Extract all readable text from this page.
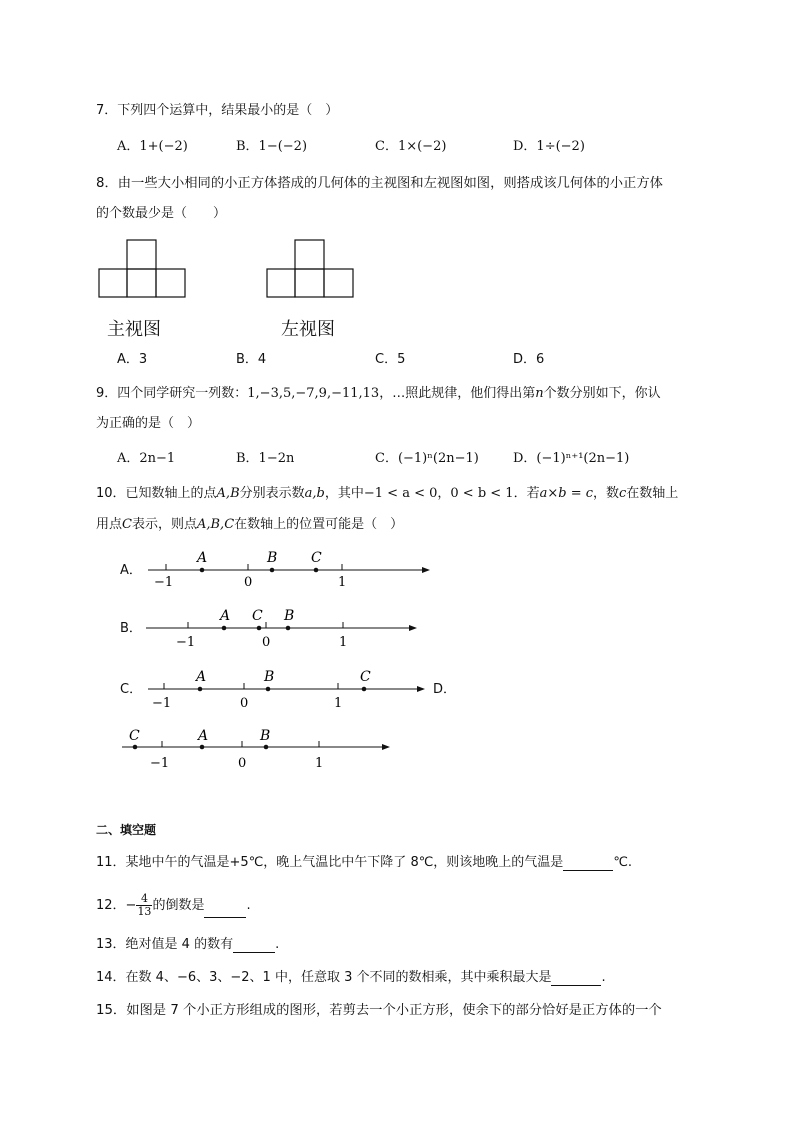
7．下列四个运算中，结果最小的是（　）
A．1+(−2)	B．1−(−2)	C．1×(−2)	D．1÷(−2)
8．由一些大小相同的小正方体搭成的几何体的主视图和左视图如图，则搭成该几何体的小正方体
的个数最少是（　　）
主视图	左视图
A．3	B．4	C．5	D．6
9．四个同学研究一列数：1,−3,5,−7,9,−11,13，…照此规律，他们得出第n个数分别如下，你认
为正确的是（　）
A．2n−1	B．1−2n	C．(−1)ⁿ(2n−1)	D．(−1)ⁿ⁺¹(2n−1)
10．已知数轴上的点A,B分别表示数a,b，其中−1 < a < 0，0 < b < 1．若a×b = c，数c在数轴上
用点C表示，则点A,B,C在数轴上的位置可能是（　）
A．
A	B C
−1	0	1
B．
A	B
C
−1	0	1
C．
A	B	C
−1	0	1
D．
A	B
C
−1	0	1
二、填空题
11．某地中午的气温是+5℃，晚上气温比中午下降了 8℃，则该地晚上的气温是	℃.
12．− $\frac{4}{13}$ 的倒数是	.
13．绝对值是 4 的数有	.
14．在数 4、−6、3、−2、1 中，任意取 3 个不同的数相乘，其中乘积最大是	.
15．如图是 7 个小正方形组成的图形，若剪去一个小正方形，使余下的部分恰好是正方体的一个
